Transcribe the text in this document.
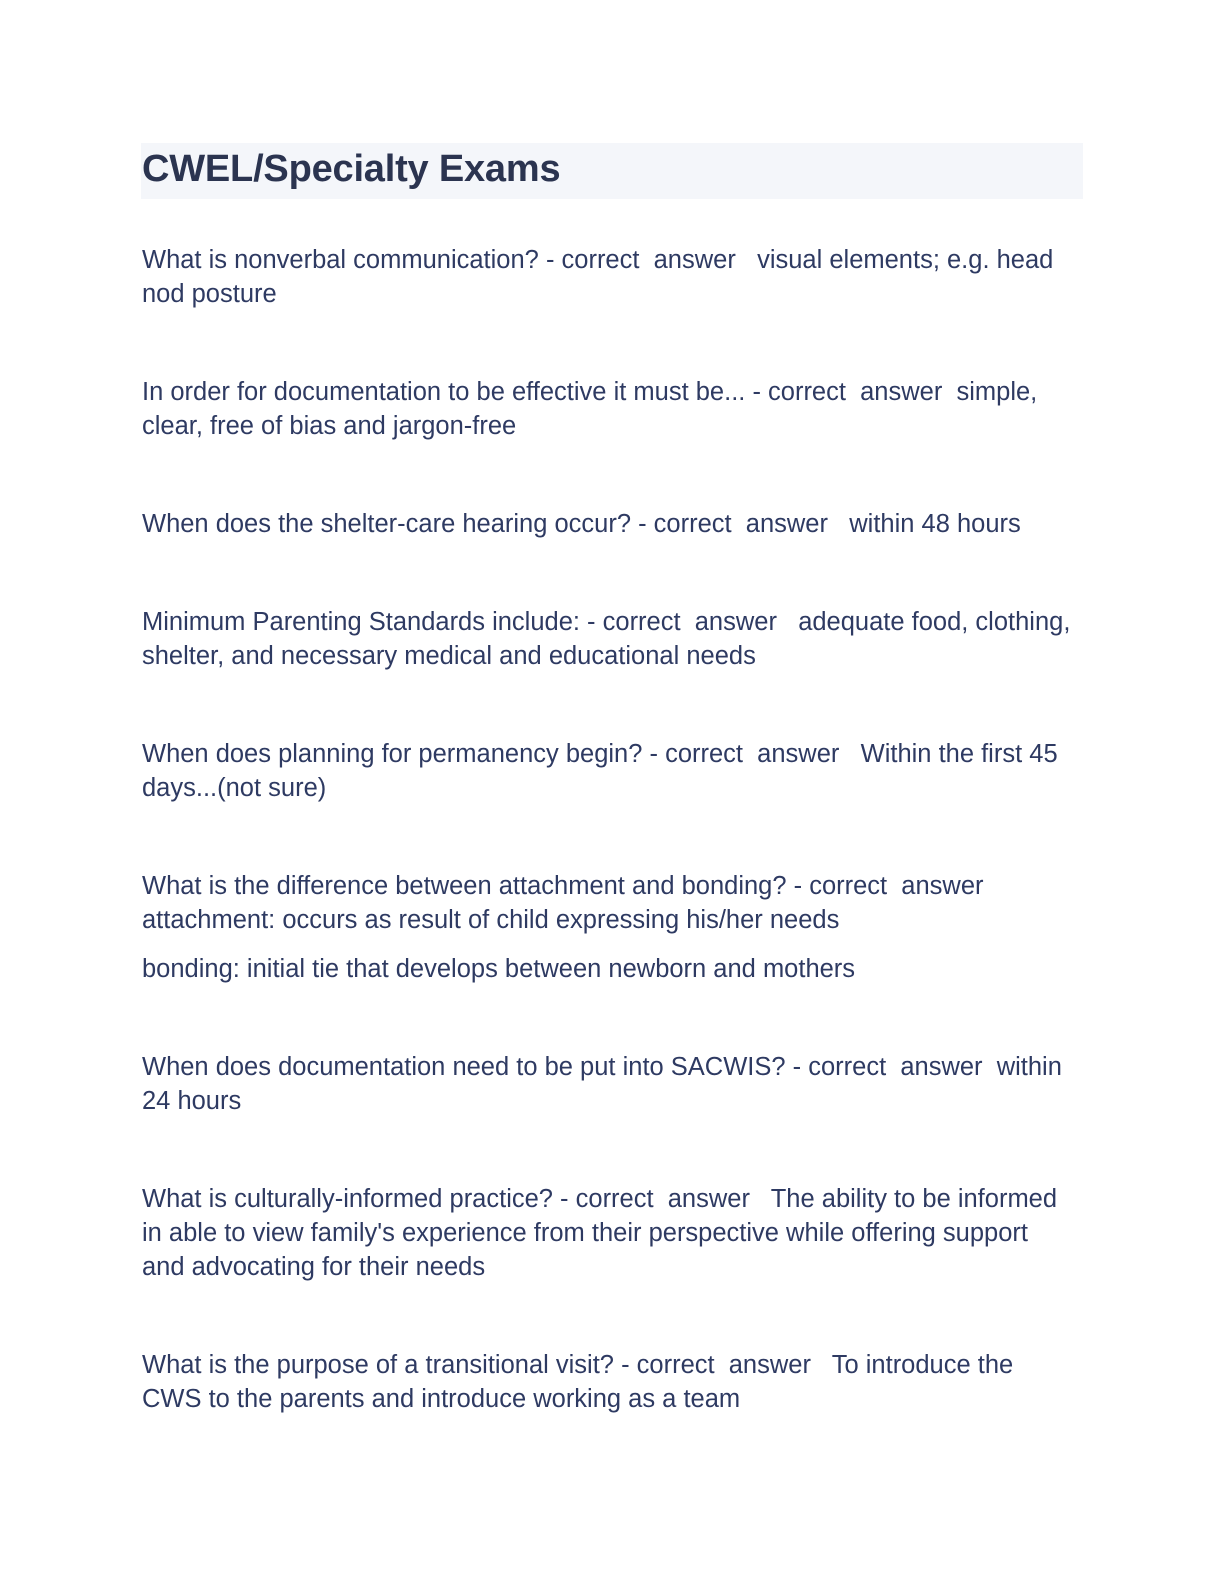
CWEL/Specialty Exams

What is nonverbal communication? - correct  answer   visual elements; e.g. head nod posture

In order for documentation to be effective it must be... - correct  answer  simple, clear, free of bias and jargon-free

When does the shelter-care hearing occur? - correct  answer   within 48 hours

Minimum Parenting Standards include: - correct  answer   adequate food, clothing, shelter, and necessary medical and educational needs

When does planning for permanency begin? - correct  answer   Within the first 45 days...(not sure)

What is the difference between attachment and bonding? - correct  answer  attachment: occurs as result of child expressing his/her needs

bonding: initial tie that develops between newborn and mothers

When does documentation need to be put into SACWIS? - correct  answer  within 24 hours

What is culturally-informed practice? - correct  answer   The ability to be informed in able to view family's experience from their perspective while offering support and advocating for their needs

What is the purpose of a transitional visit? - correct  answer   To introduce the CWS to the parents and introduce working as a team
